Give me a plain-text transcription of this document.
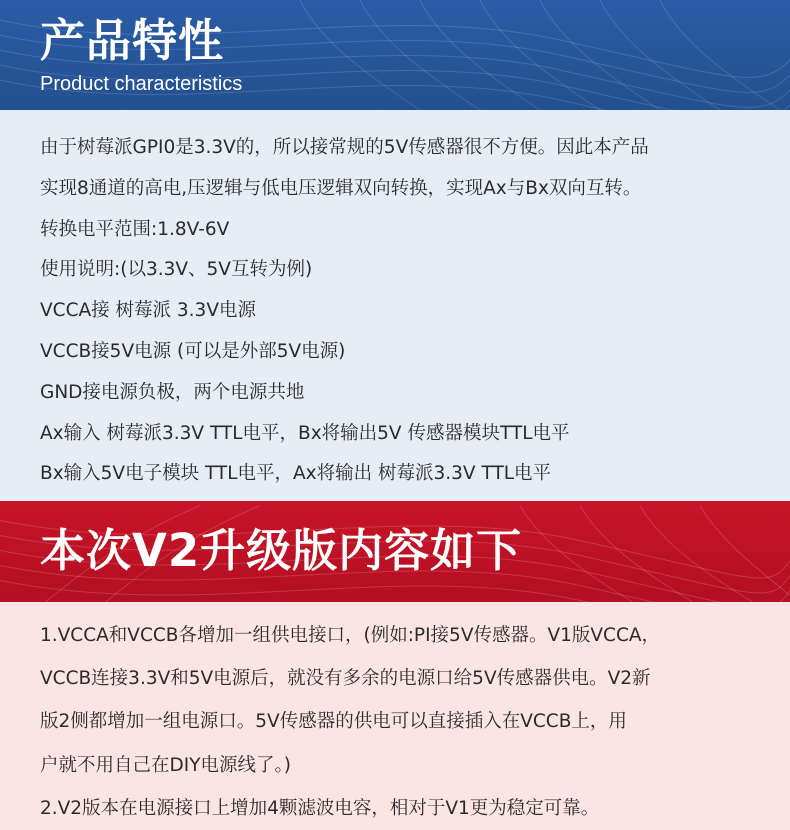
产品特性
Product characteristics
由于树莓派GPI0是3.3V的，所以接常规的5V传感器很不方便。因此本产品
实现8通道的高电,压逻辑与低电压逻辑双向转换，实现Ax与Bx双向互转。
转换电平范围:1.8V-6V
使用说明:(以3.3V、5V互转为例)
VCCA接 树莓派 3.3V电源
VCCB接5V电源 (可以是外部5V电源)
GND接电源负极，两个电源共地
Ax输入 树莓派3.3V TTL电平，Bx将输出5V 传感器模块TTL电平
Bx输入5V电子模块 TTL电平，Ax将输出 树莓派3.3V TTL电平
本次V2升级版内容如下
1.VCCA和VCCB各增加一组供电接口，(例如:PI接5V传感器。V1版VCCA，
VCCB连接3.3V和5V电源后，就没有多余的电源口给5V传感器供电。V2新
版2侧都增加一组电源口。5V传感器的供电可以直接插入在VCCB上，用
户就不用自己在DIY电源线了。)
2.V2版本在电源接口上增加4颗滤波电容，相对于V1更为稳定可靠。
